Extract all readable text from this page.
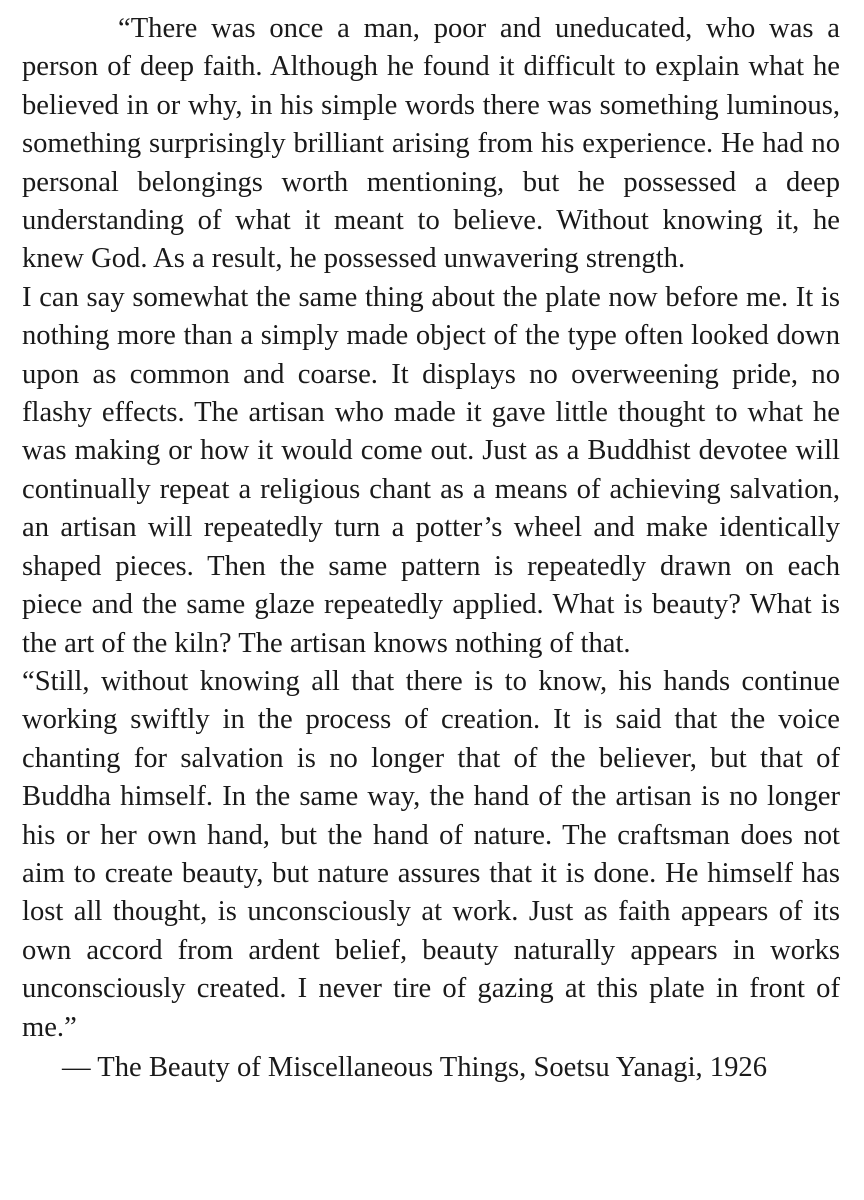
“There was once a man, poor and uneducated, who was a person of deep faith. Although he found it difficult to explain what he believed in or why, in his simple words there was something luminous, something surprisingly brilliant arising from his experience. He had no personal belongings worth mentioning, but he possessed a deep understanding of what it meant to believe. Without knowing it, he knew God. As a result, he possessed unwavering strength.

I can say somewhat the same thing about the plate now before me. It is nothing more than a simply made object of the type often looked down upon as common and coarse. It displays no overweening pride, no flashy effects. The artisan who made it gave little thought to what he was making or how it would come out. Just as a Buddhist devotee will continually repeat a religious chant as a means of achieving salvation, an artisan will repeatedly turn a potter’s wheel and make identically shaped pieces. Then the same pattern is repeatedly drawn on each piece and the same glaze repeatedly applied. What is beauty? What is the art of the kiln? The artisan knows nothing of that.

“Still, without knowing all that there is to know, his hands continue working swiftly in the process of creation. It is said that the voice chanting for salvation is no longer that of the believer, but that of Buddha himself. In the same way, the hand of the artisan is no longer his or her own hand, but the hand of nature. The craftsman does not aim to create beauty, but nature assures that it is done. He himself has lost all thought, is unconsciously at work. Just as faith appears of its own accord from ardent belief, beauty naturally appears in works unconsciously created. I never tire of gazing at this plate in front of me.”

— The Beauty of Miscellaneous Things, Soetsu Yanagi, 1926
